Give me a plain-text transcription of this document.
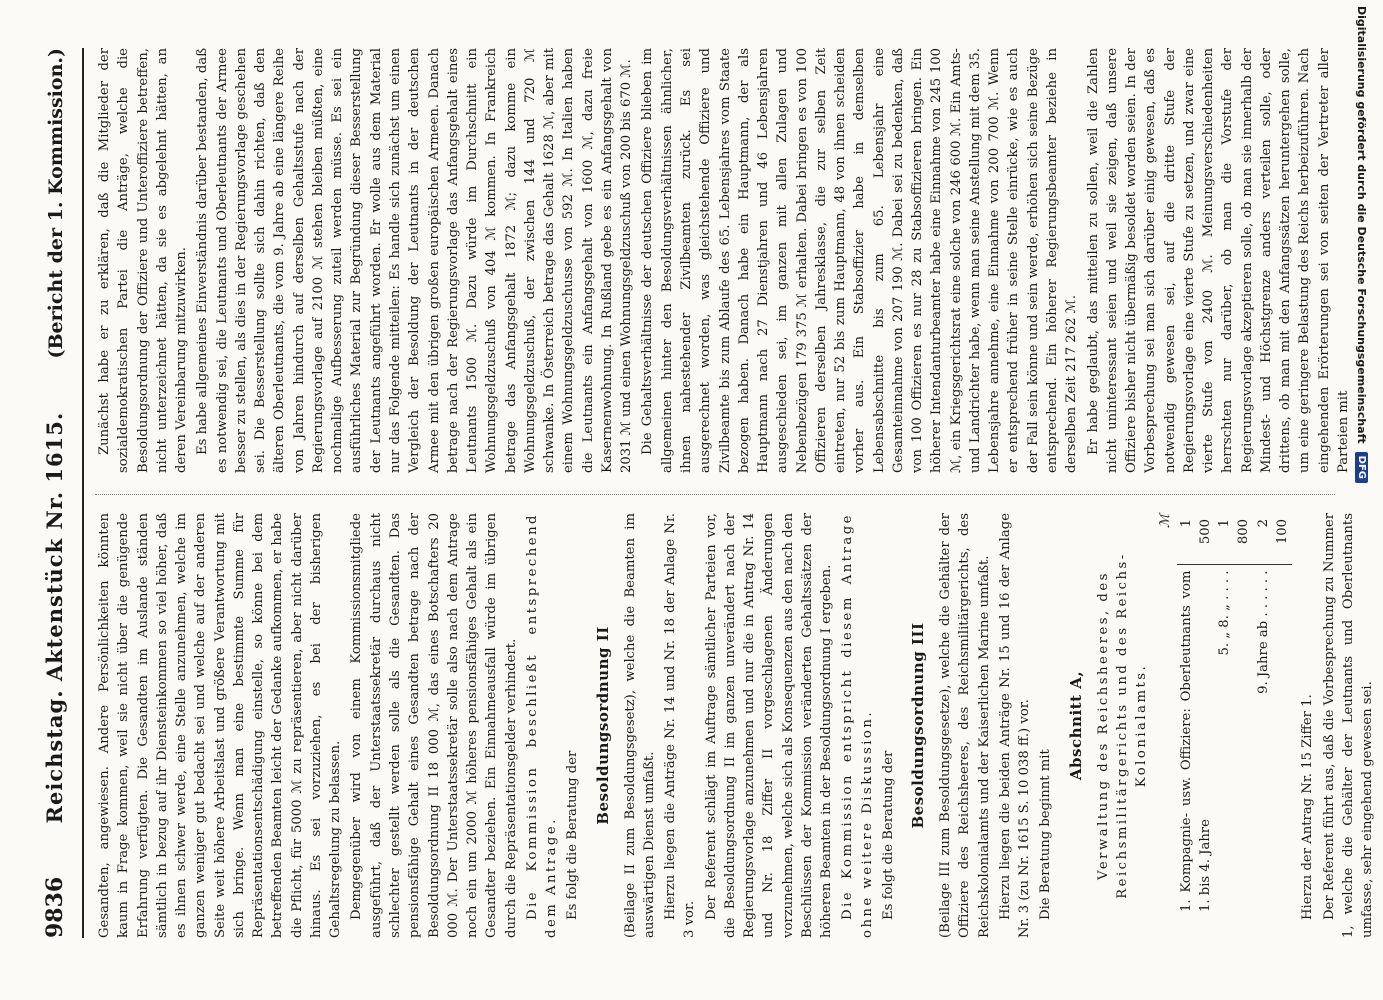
9836
Reichstag. Aktenstück Nr. 1615.
(Bericht der 1. Kommission.)

Gesandten, angewiesen. Andere Persönlichkeiten könnten kaum in Frage kommen, weil sie nicht über die genügende Erfahrung verfügten. Die Gesandten im Auslande ständen sämtlich in bezug auf ihr Diensteinkommen so viel höher, daß es ihnen schwer werde, eine Stelle anzunehmen, welche im ganzen weniger gut bedacht sei und welche auf der anderen Seite weit höhere Arbeitslast und größere Verantwortung mit sich bringe. Wenn man eine bestimmte Summe für Repräsentationsentschädigung einstelle, so könne bei dem betreffenden Beamten leicht der Gedanke aufkommen, er habe die Pflicht, für 5000 ℳ zu repräsentieren, aber nicht darüber hinaus. Es sei vorzuziehen, es bei der bisherigen Gehaltsregelung zu belassen. Demgegenüber wird von einem Kommissionsmitgliede ausgeführt, daß der Unterstaatssekretär durchaus nicht schlechter gestellt werden solle als die Gesandten. Das pensionsfähige Gehalt eines Gesandten betrage nach der Besoldungsordnung II 18 000 ℳ, das eines Botschafters 20 000 ℳ. Der Unterstaatssekretär solle also nach dem Antrage noch ein um 2000 ℳ höheres pensionsfähiges Gehalt als ein Gesandter beziehen. Ein Einnahmeausfall würde im übrigen durch die Repräsentationsgelder verhindert. Die Kommission beschließt entsprechend dem Antrage. Es folgt die Beratung der

Besoldungsordnung II (Beilage II zum Besoldungsgesetz), welche die Beamten im auswärtigen Dienst umfaßt. Hierzu liegen die Anträge Nr. 14 und Nr. 18 der Anlage Nr. 3 vor. Der Referent schlägt im Auftrage sämtlicher Parteien vor, die Besoldungsordnung II im ganzen unverändert nach der Regierungsvorlage anzunehmen und nur die in Antrag Nr. 14 und Nr. 18 Ziffer II vorgeschlagenen Änderungen vorzunehmen, welche sich als Konsequenzen aus den nach den Beschlüssen der Kommission veränderten Gehaltssätzen der höheren Beamten in der Besoldungsordnung I ergeben. Die Kommission entspricht diesem Antrage ohne weitere Diskussion. Es folgt die Beratung der

Besoldungsordnung III (Beilage III zum Besoldungsgesetze), welche die Gehälter der Offiziere des Reichsheeres, des Reichsmilitärgerichts, des Reichskolonialamts und der Kaiserlichen Marine umfaßt. Hierzu liegen die beiden Anträge Nr. 15 und 16 der Anlage Nr. 3 (zu Nr. 1615 S. 10 038 ff.) vor. Die Beratung beginnt mit

Abschnitt A, Verwaltung des Reichsheeres, des Reichsmilitärgerichts und des Reichs-Kolonialamts.

	ℳ
1. Kompagnie- usw. Offiziere: Oberleutnants vom 1. bis 4. Jahre	1 500
5. „ 8. „ . . . .	1 800
9. Jahre ab . . . . . .	2 100

Hierzu der Antrag Nr. 15 Ziffer 1. Der Referent führt aus, daß die Vorbesprechung zu Nummer 1, welche die Gehälter der Leutnants und Oberleutnants umfasse, sehr eingehend gewesen sei.

Zunächst habe er zu erklären, daß die Mitglieder der sozialdemokratischen Partei die Anträge, welche die Besoldungsordnung der Offiziere und Unteroffiziere betreffen, nicht unterzeichnet hätten, da sie es abgelehnt hätten, an deren Vereinbarung mitzuwirken. Es habe allgemeines Einverständnis darüber bestanden, daß es notwendig sei, die Leutnants und Oberleutnants der Armee besser zu stellen, als dies in der Regierungsvorlage geschehen sei. Die Besserstellung sollte sich dahin richten, daß den älteren Oberleutnants, die vom 9. Jahre ab eine längere Reihe von Jahren hindurch auf derselben Gehaltsstufe nach der Regierungsvorlage auf 2100 ℳ stehen bleiben müßten, eine nochmalige Aufbesserung zuteil werden müsse. Es sei ein ausführliches Material zur Begründung dieser Besserstellung der Leutnants angeführt worden. Er wolle aus dem Material nur das Folgende mitteilen: Es handle sich zunächst um einen Vergleich der Besoldung der Leutnants in der deutschen Armee mit den übrigen großen europäischen Armeen. Danach betrage nach der Regierungsvorlage das Anfangsgehalt eines Leutnants 1500 ℳ. Dazu würde im Durchschnitt ein Wohnungsgeldzuschuß von 404 ℳ kommen. In Frankreich betrage das Anfangsgehalt 1872 ℳ; dazu komme ein Wohnungsgeldzuschuß, der zwischen 144 und 720 ℳ schwanke. In Österreich betrage das Gehalt 1628 ℳ, aber mit einem Wohnungsgeldzuschusse von 592 ℳ. In Italien haben die Leutnants ein Anfangsgehalt von 1600 ℳ, dazu freie Kasernenwohnung. In Rußland gebe es ein Anfangsgehalt von 2031 ℳ und einen Wohnungsgeldzuschuß von 200 bis 670 ℳ. Die Gehaltsverhältnisse der deutschen Offiziere blieben im allgemeinen hinter den Besoldungsverhältnissen ähnlicher, ihnen nahestehender Zivilbeamten zurück. Es sei ausgerechnet worden, was gleichstehende Offiziere und Zivilbeamte bis zum Ablaufe des 65. Lebensjahres vom Staate bezogen haben. Danach habe ein Hauptmann, der als Hauptmann nach 27 Dienstjahren und 46 Lebensjahren ausgeschieden sei, im ganzen mit allen Zulagen und Nebenbezügen 179 375 ℳ erhalten. Dabei bringen es von 100 Offizieren derselben Jahresklasse, die zur selben Zeit eintreten, nur 52 bis zum Hauptmann, 48 von ihnen scheiden vorher aus. Ein Stabsoffizier habe in demselben Lebensabschnitte bis zum 65. Lebensjahr eine Gesamteinnahme von 207 190 ℳ. Dabei sei zu bedenken, daß von 100 Offizieren es nur 28 zu Stabsoffizieren bringen. Ein höherer Intendanturbeamter habe eine Einnahme von 245 100 ℳ, ein Kriegsgerichtsrat eine solche von 246 600 ℳ. Ein Amts- und Landrichter habe, wenn man seine Anstellung mit dem 35. Lebensjahre annehme, eine Einnahme von 200 700 ℳ. Wenn er entsprechend früher in seine Stelle einrücke, wie es auch der Fall sein könne und sein werde, erhöhen sich seine Bezüge entsprechend. Ein höherer Regierungsbeamter beziehe in derselben Zeit 217 262 ℳ. Er habe geglaubt, das mitteilen zu sollen, weil die Zahlen nicht uninteressant seien und weil sie zeigen, daß unsere Offiziere bisher nicht übermäßig besoldet worden seien. In der Vorbesprechung sei man sich darüber einig gewesen, daß es notwendig gewesen sei, auf die dritte Stufe der Regierungsvorlage eine vierte Stufe zu setzen, und zwar eine vierte Stufe von 2400 ℳ. Meinungsverschiedenheiten herrschten nur darüber, ob man die Vorstufe der Regierungsvorlage akzeptieren solle, ob man sie innerhalb der Mindest- und Höchstgrenze anders verteilen solle, oder drittens, ob man mit den Anfangssätzen heruntergehen solle, um eine geringere Belastung des Reichs herbeizuführen. Nach eingehenden Erörterungen sei von seiten der Vertreter aller Parteien mit Digitalisierung gefördert durch die Deutsche Forschungsgemeinschaft
DFG
